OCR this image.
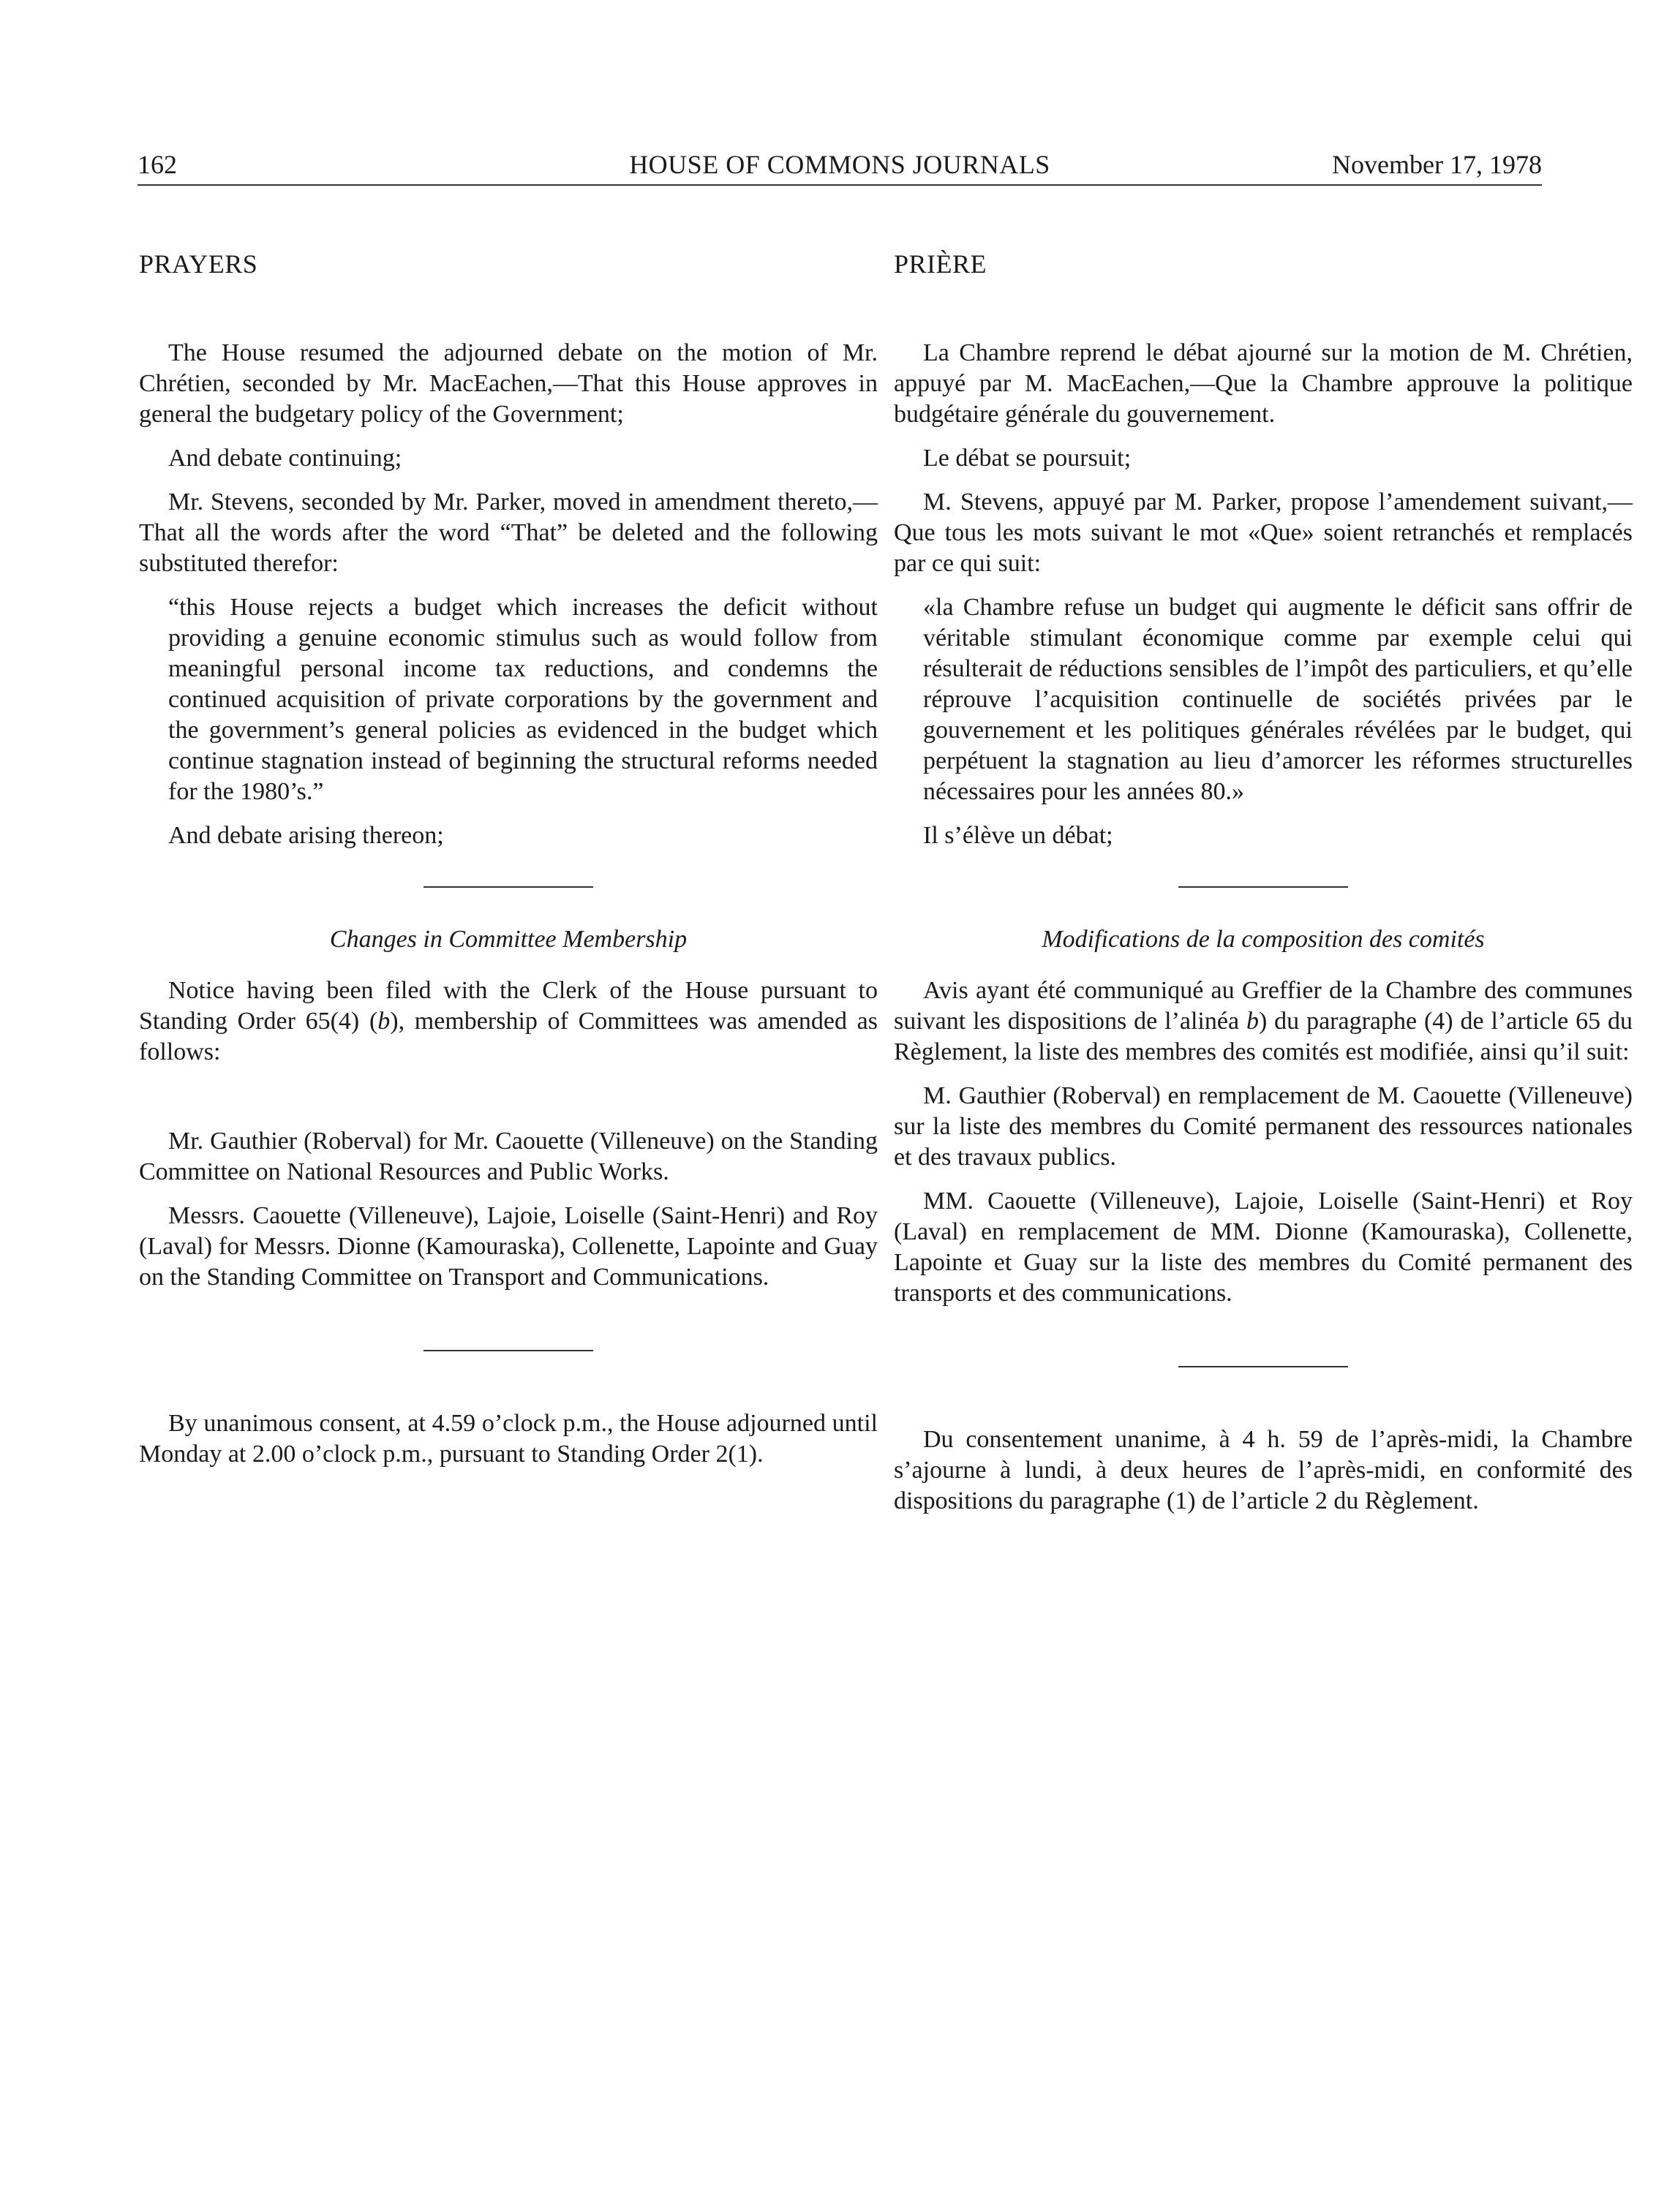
HOUSE OF COMMONS JOURNALS
162	November 17, 1978

PRAYERS

The House resumed the adjourned debate on the motion of Mr. Chrétien, seconded by Mr. MacEachen,—That this House approves in general the budgetary policy of the Government;

And debate continuing;

Mr. Stevens, seconded by Mr. Parker, moved in amendment thereto,—That all the words after the word “That” be deleted and the following substituted therefor:

“this House rejects a budget which increases the deficit without providing a genuine economic stimulus such as would follow from meaningful personal income tax reductions, and condemns the continued acquisition of private corporations by the government and the government’s general policies as evidenced in the budget which continue stagnation instead of beginning the structural reforms needed for the 1980’s.”

And debate arising thereon;

Changes in Committee Membership

Notice having been filed with the Clerk of the House pursuant to Standing Order 65(4) (b), membership of Committees was amended as follows:

Mr. Gauthier (Roberval) for Mr. Caouette (Villeneuve) on the Standing Committee on National Resources and Public Works.

Messrs. Caouette (Villeneuve), Lajoie, Loiselle (Saint-Henri) and Roy (Laval) for Messrs. Dionne (Kamouraska), Collenette, Lapointe and Guay on the Standing Committee on Transport and Communications.

By unanimous consent, at 4.59 o’clock p.m., the House adjourned until Monday at 2.00 o’clock p.m., pursuant to Standing Order 2(1).

PRIÈRE

La Chambre reprend le débat ajourné sur la motion de M. Chrétien, appuyé par M. MacEachen,—Que la Chambre approuve la politique budgétaire générale du gouvernement.

Le débat se poursuit;

M. Stevens, appuyé par M. Parker, propose l’amendement suivant,—Que tous les mots suivant le mot «Que» soient retranchés et remplacés par ce qui suit:

«la Chambre refuse un budget qui augmente le déficit sans offrir de véritable stimulant économique comme par exemple celui qui résulterait de réductions sensibles de l’impôt des particuliers, et qu’elle réprouve l’acquisition continuelle de sociétés privées par le gouvernement et les politiques générales révélées par le budget, qui perpétuent la stagnation au lieu d’amorcer les réformes structurelles nécessaires pour les années 80.»

Il s’élève un débat;

Modifications de la composition des comités

Avis ayant été communiqué au Greffier de la Chambre des communes suivant les dispositions de l’alinéa b) du paragraphe (4) de l’article 65 du Règlement, la liste des membres des comités est modifiée, ainsi qu’il suit:

M. Gauthier (Roberval) en remplacement de M. Caouette (Villeneuve) sur la liste des membres du Comité permanent des ressources nationales et des travaux publics.

MM. Caouette (Villeneuve), Lajoie, Loiselle (Saint-Henri) et Roy (Laval) en remplacement de MM. Dionne (Kamouraska), Collenette, Lapointe et Guay sur la liste des membres du Comité permanent des transports et des communications.

Du consentement unanime, à 4 h. 59 de l’après-midi, la Chambre s’ajourne à lundi, à deux heures de l’après-midi, en conformité des dispositions du paragraphe (1) de l’article 2 du Règlement.
